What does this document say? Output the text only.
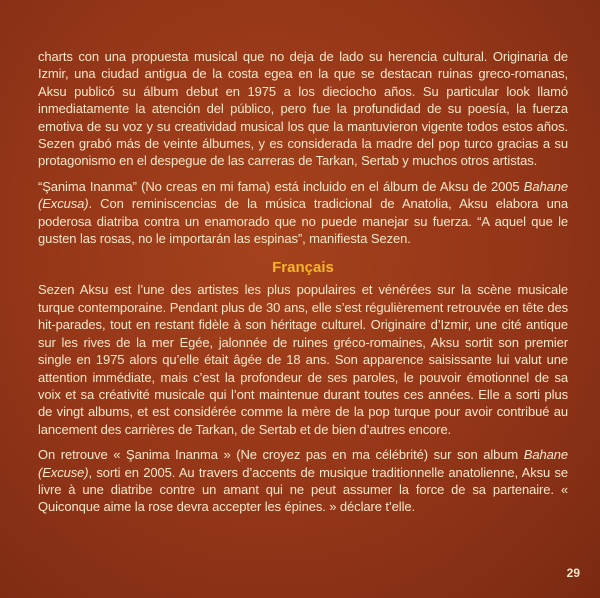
charts con una propuesta musical que no deja de lado su herencia cultural. Originaria de Izmir, una ciudad antigua de la costa egea en la que se destacan ruinas greco-romanas, Aksu publicó su álbum debut en 1975 a los dieciocho años. Su particular look llamó inmediatamente la atención del público, pero fue la profundidad de su poesía, la fuerza emotiva de su voz y su creatividad musical los que la mantuvieron vigente todos estos años. Sezen grabó más de veinte álbumes, y es considerada la madre del pop turco gracias a su protagonismo en el despegue de las carreras de Tarkan, Sertab y muchos otros artistas.

“Şanima Inanma” (No creas en mi fama) está incluido en el álbum de Aksu de 2005 Bahane (Excusa). Con reminiscencias de la música tradicional de Anatolia, Aksu elabora una poderosa diatriba contra un enamorado que no puede manejar su fuerza. “A aquel que le gusten las rosas, no le importarán las espinas”, manifiesta Sezen.

Français

Sezen Aksu est l’une des artistes les plus populaires et vénérées sur la scène musicale turque contemporaine. Pendant plus de 30 ans, elle s’est régulièrement retrouvée en tête des hit-parades, tout en restant fidèle à son héritage culturel. Originaire d’Izmir, une cité antique sur les rives de la mer Egée, jalonnée de ruines gréco-romaines, Aksu sortit son premier single en 1975 alors qu’elle était âgée de 18 ans. Son apparence saisissante lui valut une attention immédiate, mais c’est la profondeur de ses paroles, le pouvoir émotionnel de sa voix et sa créativité musicale qui l’ont maintenue durant toutes ces années. Elle a sorti plus de vingt albums, et est considérée comme la mère de la pop turque pour avoir contribué au lancement des carrières de Tarkan, de Sertab et de bien d’autres encore.

On retrouve « Şanima Inanma » (Ne croyez pas en ma célébrité) sur son album Bahane (Excuse), sorti en 2005. Au travers d’accents de musique traditionnelle anatolienne, Aksu se livre à une diatribe contre un amant qui ne peut assumer la force de sa partenaire. « Quiconque aime la rose devra accepter les épines. » déclare t’elle.

29
